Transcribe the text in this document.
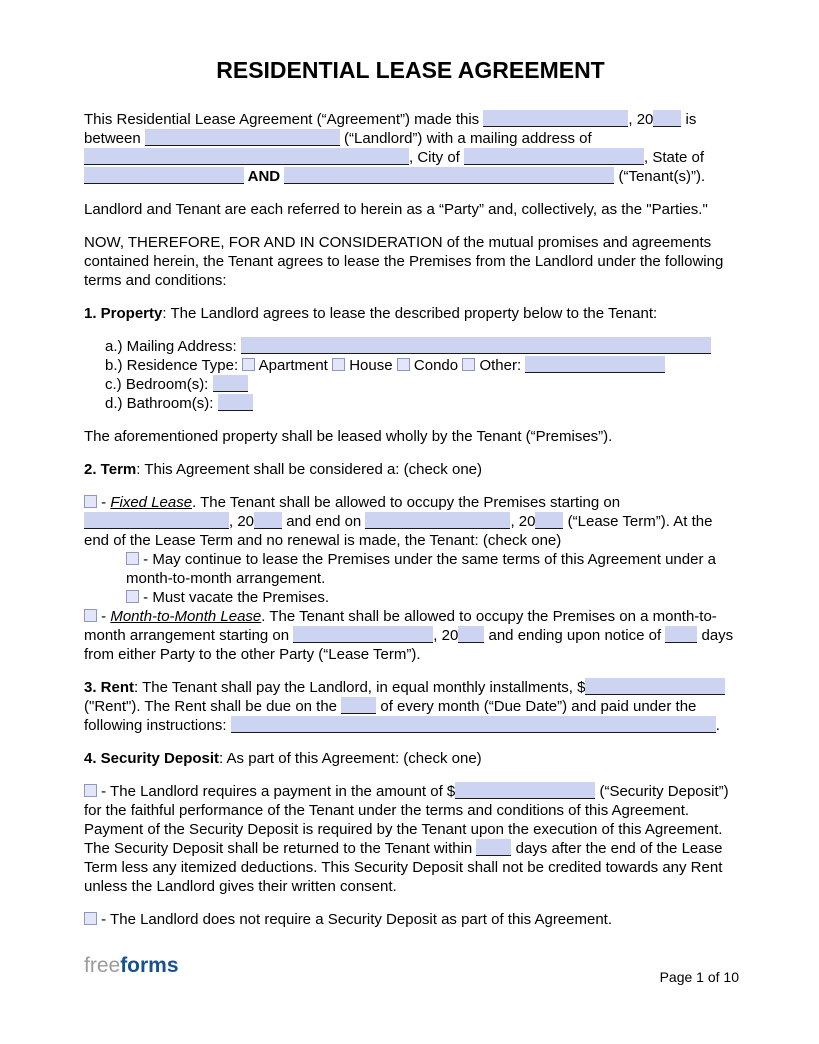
RESIDENTIAL LEASE AGREEMENT

This Residential Lease Agreement (“Agreement”) made this	, 20 is between	(“Landlord”) with a mailing address of , City of	, State of  AND	(“Tenant(s)”).

Landlord and Tenant are each referred to herein as a “Party” and, collectively, as the "Parties."

NOW, THEREFORE, FOR AND IN CONSIDERATION of the mutual promises and agreements contained herein, the Tenant agrees to lease the Premises from the Landlord under the following terms and conditions:

1. Property: The Landlord agrees to lease the described property below to the Tenant:

a.) Mailing Address:
b.) Residence Type:  Apartment  House  Condo  Other:
c.) Bedroom(s):
d.) Bathroom(s):

The aforementioned property shall be leased wholly by the Tenant (“Premises”).

2. Term: This Agreement shall be considered a: (check one)

- Fixed Lease. The Tenant shall be allowed to occupy the Premises starting on , 20 and end on	, 20 (“Lease Term”). At the end of the Lease Term and no renewal is made, the Tenant: (check one)
- May continue to lease the Premises under the same terms of this Agreement under a month-to-month arrangement.
- Must vacate the Premises.

- Month-to-Month Lease. The Tenant shall be allowed to occupy the Premises on a month-to-month arrangement starting on	, 20 and ending upon notice of  days from either Party to the other Party (“Lease Term”).

3. Rent: The Tenant shall pay the Landlord, in equal monthly installments, $ ("Rent"). The Rent shall be due on the  of every month (“Due Date”) and paid under the following instructions:	.

4. Security Deposit: As part of this Agreement: (check one)

- The Landlord requires a payment in the amount of $	(“Security Deposit”) for the faithful performance of the Tenant under the terms and conditions of this Agreement. Payment of the Security Deposit is required by the Tenant upon the execution of this Agreement. The Security Deposit shall be returned to the Tenant within  days after the end of the Lease Term less any itemized deductions. This Security Deposit shall not be credited towards any Rent unless the Landlord gives their written consent.

- The Landlord does not require a Security Deposit as part of this Agreement.

freeforms	Page 1 of 10
